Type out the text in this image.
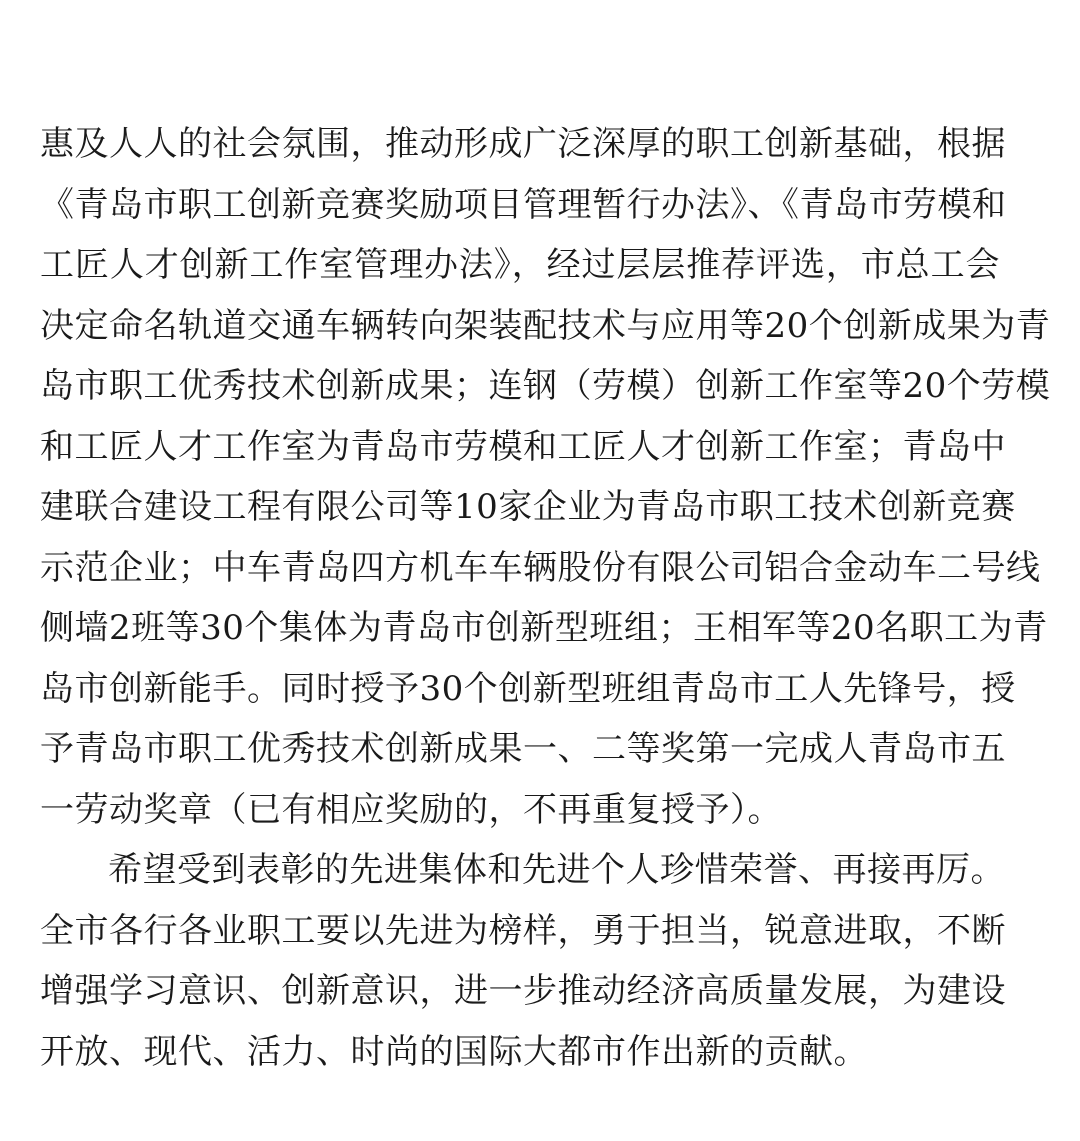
惠及人人的社会氛围，推动形成广泛深厚的职工创新基础，根据
《青岛市职工创新竞赛奖励项目管理暂行办法》、《青岛市劳模和
工匠人才创新工作室管理办法》，经过层层推荐评选，市总工会
决定命名轨道交通车辆转向架装配技术与应用等20个创新成果为青
岛市职工优秀技术创新成果；连钢（劳模）创新工作室等20个劳模
和工匠人才工作室为青岛市劳模和工匠人才创新工作室；青岛中
建联合建设工程有限公司等10家企业为青岛市职工技术创新竞赛
示范企业；中车青岛四方机车车辆股份有限公司铝合金动车二号线
侧墙2班等30个集体为青岛市创新型班组；王相军等20名职工为青
岛市创新能手。同时授予30个创新型班组青岛市工人先锋号，授
予青岛市职工优秀技术创新成果一、二等奖第一完成人青岛市五
一劳动奖章（已有相应奖励的，不再重复授予）。
希望受到表彰的先进集体和先进个人珍惜荣誉、再接再厉。
全市各行各业职工要以先进为榜样，勇于担当，锐意进取，不断
增强学习意识、创新意识，进一步推动经济高质量发展，为建设
开放、现代、活力、时尚的国际大都市作出新的贡献。
